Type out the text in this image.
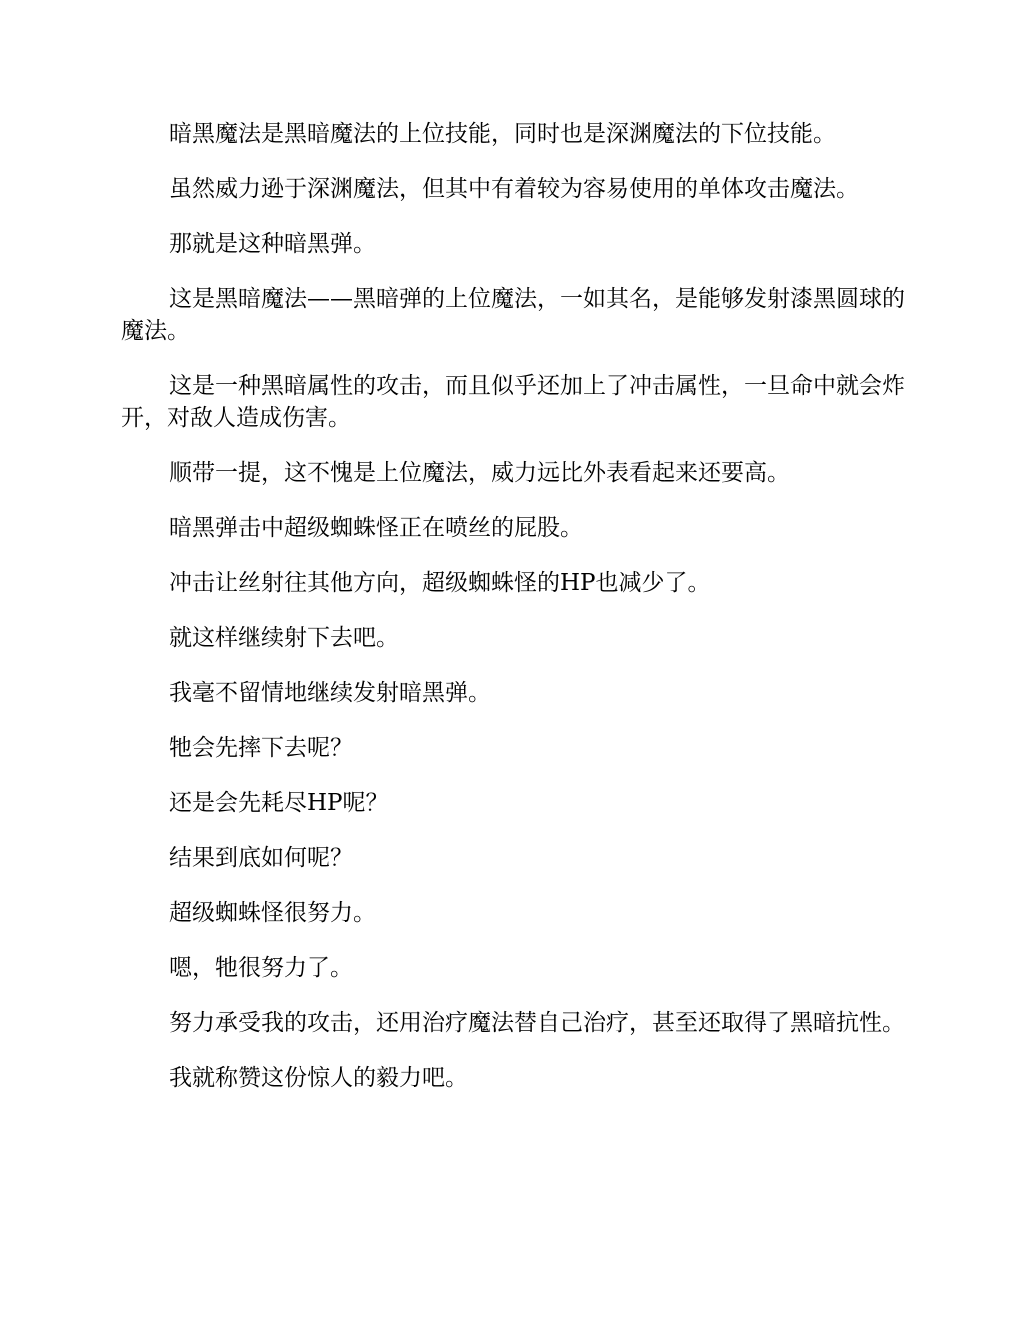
暗黑魔法是黑暗魔法的上位技能，同时也是深渊魔法的下位技能。

虽然威力逊于深渊魔法，但其中有着较为容易使用的单体攻击魔法。

那就是这种暗黑弹。

这是黑暗魔法——黑暗弹的上位魔法，一如其名，是能够发射漆黑圆球的魔法。

这是一种黑暗属性的攻击，而且似乎还加上了冲击属性，一旦命中就会炸开，对敌人造成伤害。

顺带一提，这不愧是上位魔法，威力远比外表看起来还要高。

暗黑弹击中超级蜘蛛怪正在喷丝的屁股。

冲击让丝射往其他方向，超级蜘蛛怪的HP也减少了。

就这样继续射下去吧。

我毫不留情地继续发射暗黑弹。

牠会先摔下去呢？

还是会先耗尽HP呢？

结果到底如何呢？

超级蜘蛛怪很努力。

嗯，牠很努力了。

努力承受我的攻击，还用治疗魔法替自己治疗，甚至还取得了黑暗抗性。

我就称赞这份惊人的毅力吧。
